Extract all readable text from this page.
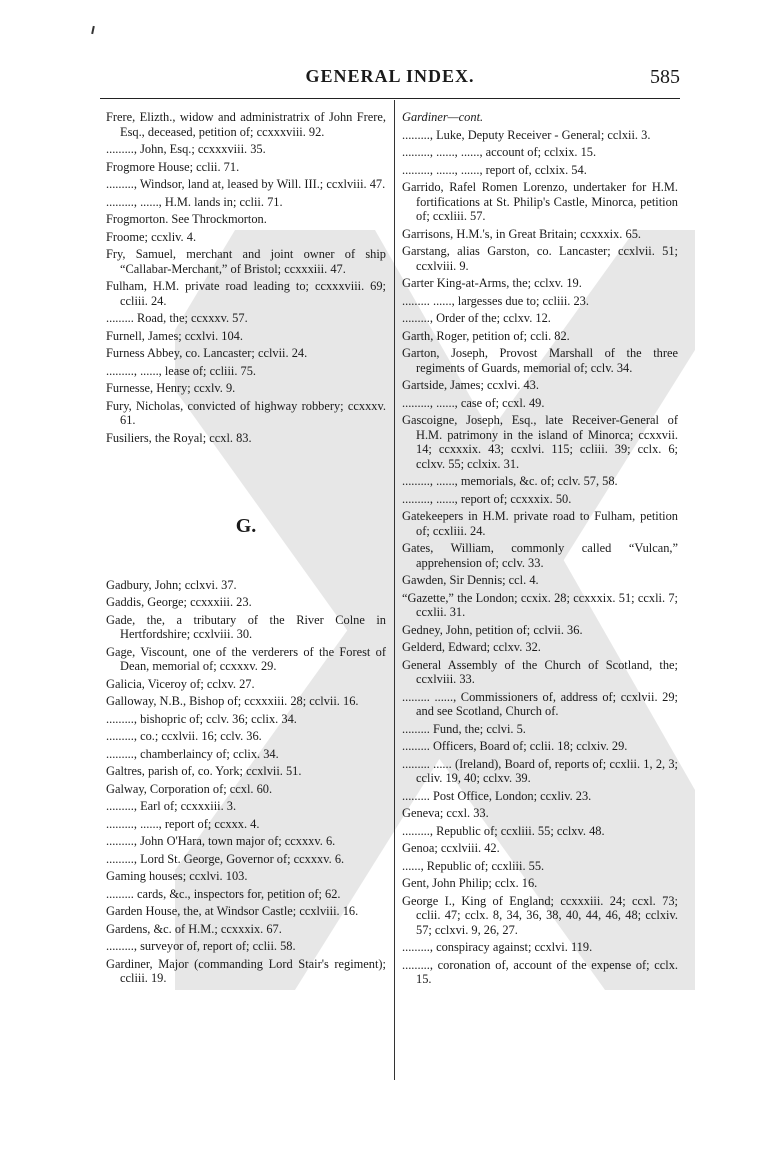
GENERAL INDEX.	585
Frere, Elizth., widow and administratrix of John Frere, Esq., deceased, petition of; ccxxxviii. 92.
........., John, Esq.; ccxxxviii. 35.
Frogmore House; cclii. 71.
........., Windsor, land at, leased by Will. III.; ccxlviii. 47.
........., ......, H.M. lands in; cclii. 71.
Frogmorton. See Throckmorton.
Froome; ccxliv. 4.
Fry, Samuel, merchant and joint owner of ship “Callabar-Merchant,” of Bristol; ccxxxiii. 47.
Fulham, H.M. private road leading to; ccxxxviii. 69; ccliii. 24.
......... Road, the; ccxxxv. 57.
Furnell, James; ccxlvi. 104.
Furness Abbey, co. Lancaster; cclvii. 24.
........., ......, lease of; ccliii. 75.
Furnesse, Henry; ccxlv. 9.
Fury, Nicholas, convicted of highway robbery; ccxxxv. 61.
Fusiliers, the Royal; ccxl. 83.
G.
Gadbury, John; cclxvi. 37.
Gaddis, George; ccxxxiii. 23.
Gade, the, a tributary of the River Colne in Hertfordshire; ccxlviii. 30.
Gage, Viscount, one of the verderers of the Forest of Dean, memorial of; ccxxxv. 29.
Galicia, Viceroy of; cclxv. 27.
Galloway, N.B., Bishop of; ccxxxiii. 28; cclvii. 16.
........., bishopric of; cclv. 36; cclix. 34.
........., co.; ccxlvii. 16; cclv. 36.
........., chamberlaincy of; cclix. 34.
Galtres, parish of, co. York; ccxlvii. 51.
Galway, Corporation of; ccxl. 60.
........., Earl of; ccxxxiii. 3.
........., ......, report of; ccxxx. 4.
........., John O'Hara, town major of; ccxxxv. 6.
........., Lord St. George, Governor of; ccxxxv. 6.
Gaming houses; ccxlvi. 103.
......... cards, &c., inspectors for, petition of; 62.
Garden House, the, at Windsor Castle; ccxlviii. 16.
Gardens, &c. of H.M.; ccxxxix. 67.
........., surveyor of, report of; cclii. 58.
Gardiner, Major (commanding Lord Stair's regiment); ccliii. 19.
Gardiner—cont.
........., Luke, Deputy Receiver - General; cclxii. 3.
........., ......, ......, account of; cclxix. 15.
........., ......, ......, report of, cclxix. 54.
Garrido, Rafel Romen Lorenzo, undertaker for H.M. fortifications at St. Philip's Castle, Minorca, petition of; ccxliii. 57.
Garrisons, H.M.'s, in Great Britain; ccxxxix. 65.
Garstang, alias Garston, co. Lancaster; ccxlvii. 51; ccxlviii. 9.
Garter King-at-Arms, the; cclxv. 19.
......... ......, largesses due to; ccliii. 23.
........., Order of the; cclxv. 12.
Garth, Roger, petition of; ccli. 82.
Garton, Joseph, Provost Marshall of the three regiments of Guards, memorial of; cclv. 34.
Gartside, James; ccxlvi. 43.
........., ......, case of; ccxl. 49.
Gascoigne, Joseph, Esq., late Receiver-General of H.M. patrimony in the island of Minorca; ccxxvii. 14; ccxxxix. 43; ccxlvi. 115; ccliii. 39; cclx. 6; cclxv. 55; cclxix. 31.
........., ......, memorials, &c. of; cclv. 57, 58.
........., ......, report of; ccxxxix. 50.
Gatekeepers in H.M. private road to Fulham, petition of; ccxliii. 24.
Gates, William, commonly called “Vulcan,” apprehension of; cclv. 33.
Gawden, Sir Dennis; ccl. 4.
“Gazette,” the London; ccxix. 28; ccxxxix. 51; ccxli. 7; ccxlii. 31.
Gedney, John, petition of; cclvii. 36.
Gelderd, Edward; cclxv. 32.
General Assembly of the Church of Scotland, the; ccxlviii. 33.
......... ......, Commissioners of, address of; ccxlvii. 29; and see Scotland, Church of.
......... Fund, the; cclvi. 5.
......... Officers, Board of; cclii. 18; cclxiv. 29.
......... ...... (Ireland), Board of, reports of; ccxlii. 1, 2, 3; ccliv. 19, 40; cclxv. 39.
......... Post Office, London; ccxliv. 23.
Geneva; ccxl. 33.
........., Republic of; ccxliii. 55; cclxv. 48.
Genoa; ccxlviii. 42.
......, Republic of; ccxliii. 55.
Gent, John Philip; cclx. 16.
George I., King of England; ccxxxiii. 24; ccxl. 73; cclii. 47; cclx. 8, 34, 36, 38, 40, 44, 46, 48; cclxiv. 57; cclxvi. 9, 26, 27.
........., conspiracy against; ccxlvi. 119.
........., coronation of, account of the expense of; cclx. 15.
